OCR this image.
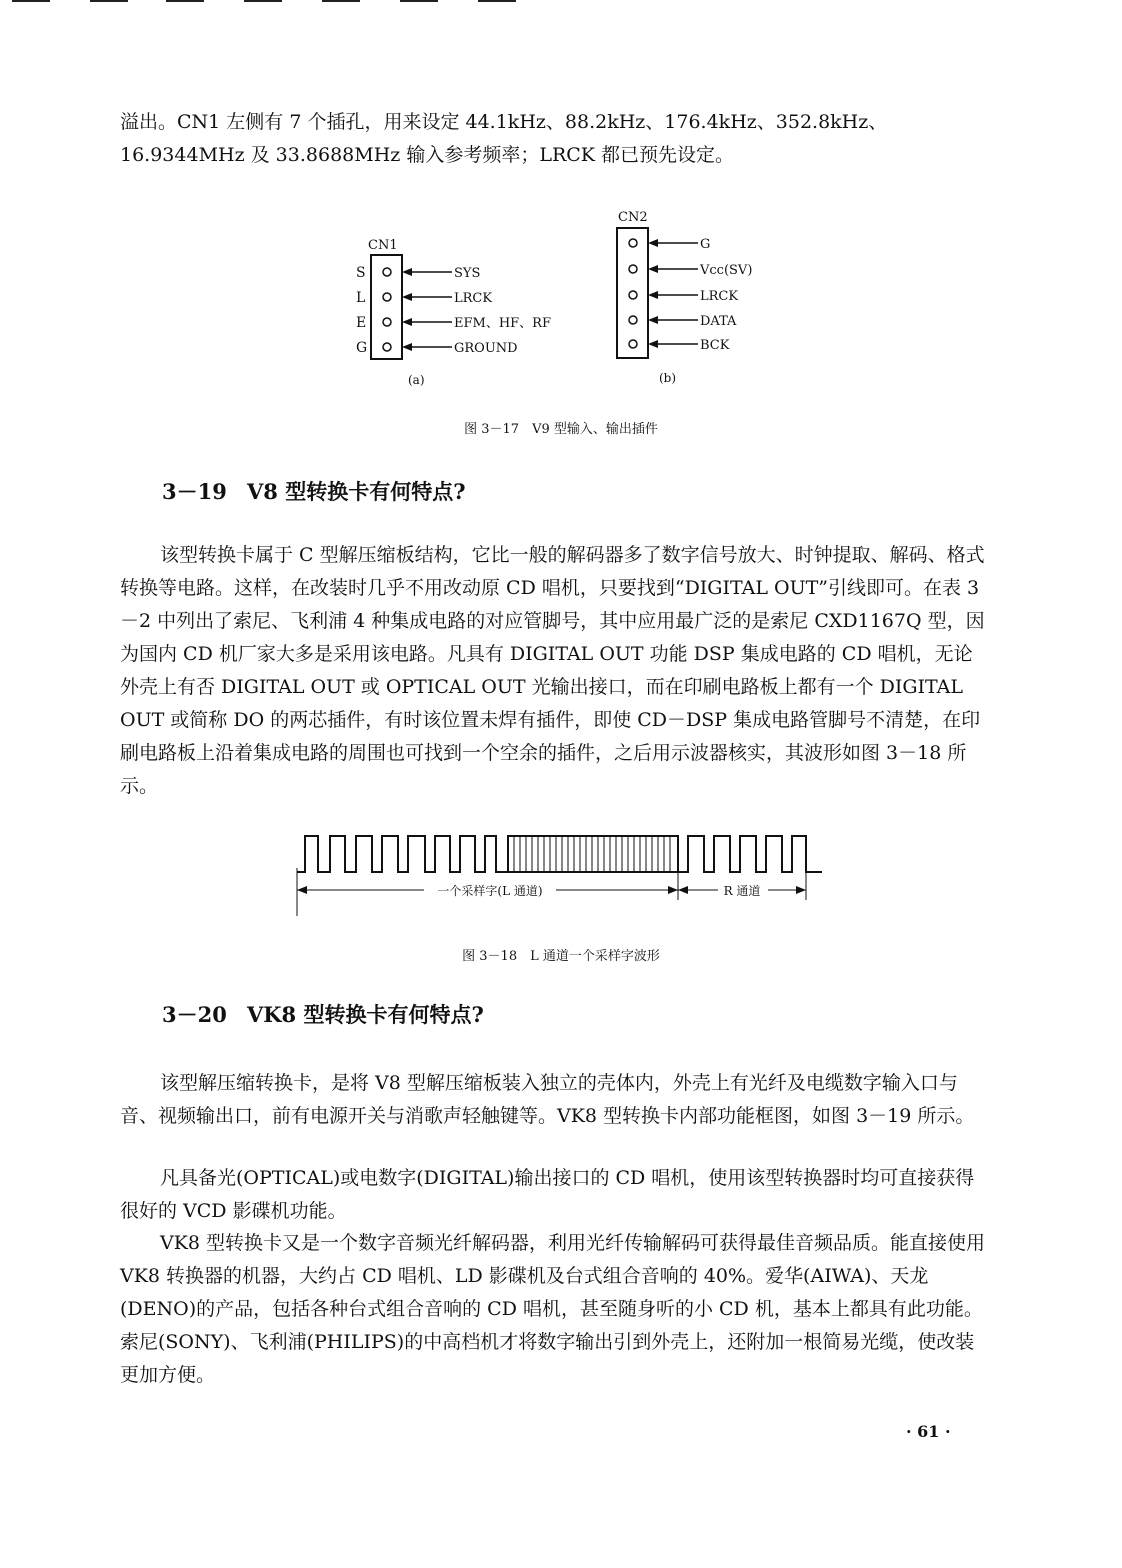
溢出。CN1 左侧有 7 个插孔，用来设定 44.1kHz、88.2kHz、176.4kHz、352.8kHz、16.9344MHz 及 33.8688MHz 输入参考频率；LRCK 都已预先设定。

CN1
S
L
E
G
SYS
LRCK
EFM、HF、RF
GROUND
(a)
CN2
G
Vcc(SV)
LRCK
DATA
BCK
(b)

图 3－17　V9 型输入、输出插件

3－19 V8 型转换卡有何特点?

该型转换卡属于 C 型解压缩板结构，它比一般的解码器多了数字信号放大、时钟提取、解码、格式转换等电路。这样，在改装时几乎不用改动原 CD 唱机，只要找到“DIGITAL OUT”引线即可。在表 3－2 中列出了索尼、飞利浦 4 种集成电路的对应管脚号，其中应用最广泛的是索尼 CXD1167Q 型，因为国内 CD 机厂家大多是采用该电路。凡具有 DIGITAL OUT 功能 DSP 集成电路的 CD 唱机，无论外壳上有否 DIGITAL OUT 或 OPTICAL OUT 光输出接口，而在印刷电路板上都有一个 DIGITAL OUT 或简称 DO 的两芯插件，有时该位置未焊有插件，即使 CD－DSP 集成电路管脚号不清楚，在印刷电路板上沿着集成电路的周围也可找到一个空余的插件，之后用示波器核实，其波形如图 3－18 所示。

一个采样字(L 通道)	R 通道

图 3－18　L 通道一个采样字波形

3－20 VK8 型转换卡有何特点?

该型解压缩转换卡，是将 V8 型解压缩板装入独立的壳体内，外壳上有光纤及电缆数字输入口与音、视频输出口，前有电源开关与消歌声轻触键等。VK8 型转换卡内部功能框图，如图 3－19 所示。

凡具备光(OPTICAL)或电数字(DIGITAL)输出接口的 CD 唱机，使用该型转换器时均可直接获得很好的 VCD 影碟机功能。

VK8 型转换卡又是一个数字音频光纤解码器，利用光纤传输解码可获得最佳音频品质。能直接使用 VK8 转换器的机器，大约占 CD 唱机、LD 影碟机及台式组合音响的 40%。爱华(AIWA)、天龙(DENO)的产品，包括各种台式组合音响的 CD 唱机，甚至随身听的小 CD 机，基本上都具有此功能。索尼(SONY)、飞利浦(PHILIPS)的中高档机才将数字输出引到外壳上，还附加一根简易光缆，使改装更加方便。

· 61 ·
